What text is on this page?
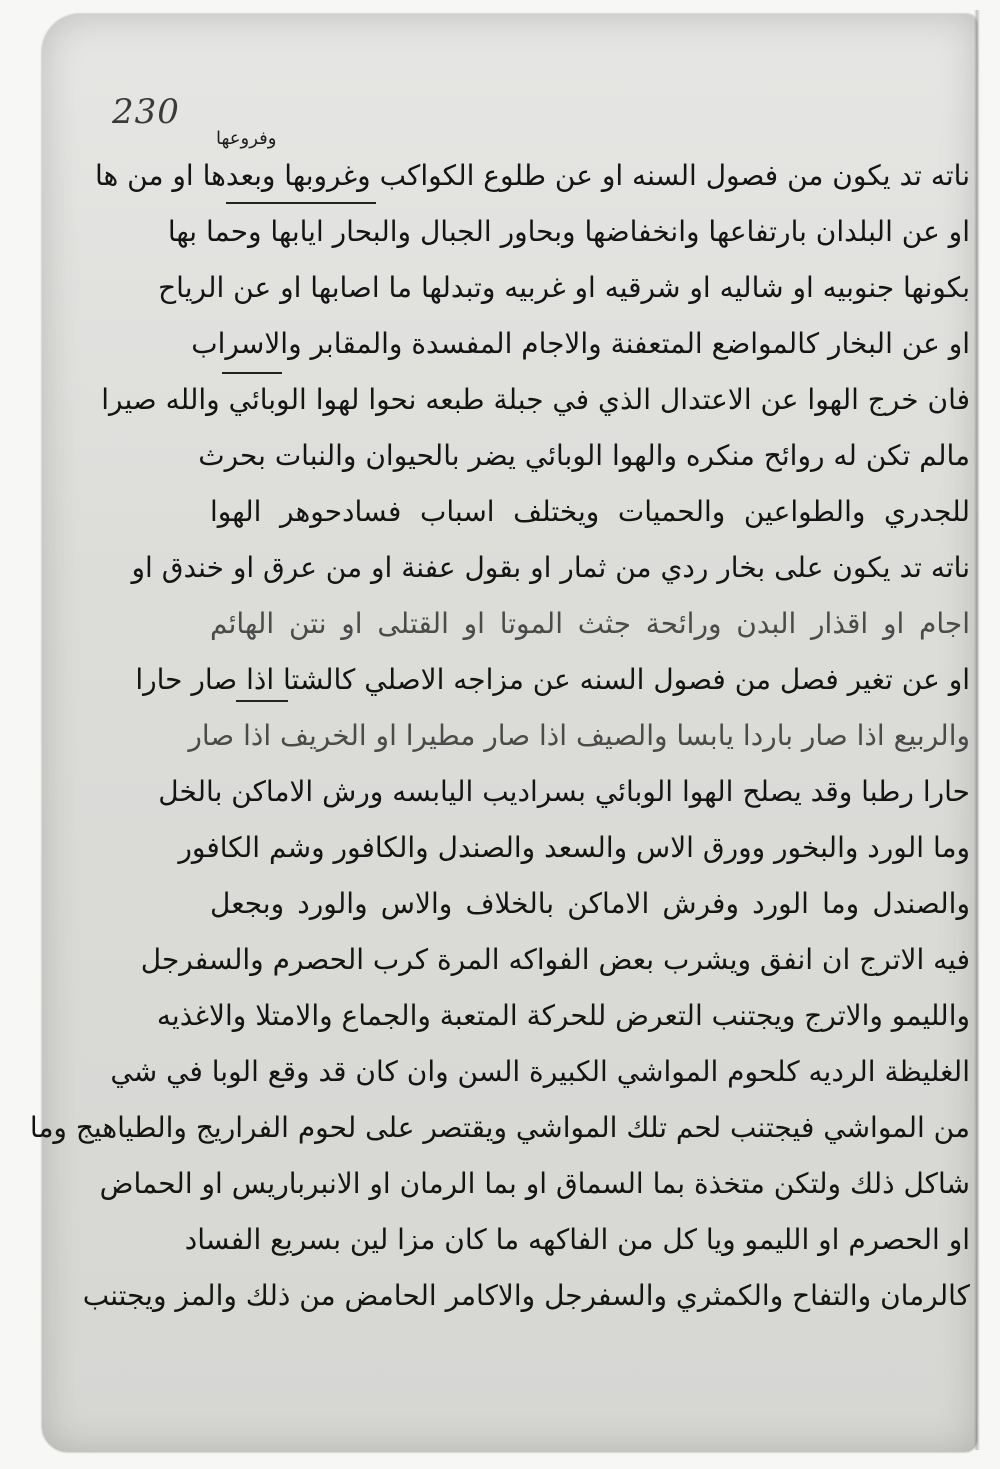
230
وفروعها
ناته تد يكون من فصول السنه او عن طلوع الكواكب وغروبها وبعدها او من ها
او عن البلدان بارتفاعها وانخفاضها وبحاور الجبال والبحار ايابها وحما بها
بكونها جنوبيه او شاليه او شرقيه او غربيه وتبدلها ما اصابها او عن الرياح
او عن البخار كالمواضع المتعفنة والاجام المفسدة والمقابر والاسراب
فان خرج الهوا عن الاعتدال الذي في جبلة طبعه نحوا لهوا الوبائي والله صيرا
مالم تكن له روائح منكره والهوا الوبائي يضر بالحيوان والنبات بحرث
للجدري والطواعين والحميات ويختلف اسباب فسادحوهر الهوا
ناته تد يكون على بخار ردي من ثمار او بقول عفنة او من عرق او خندق او
اجام او اقذار البدن ورائحة جثث الموتا او القتلى او نتن الهائم
او عن تغير فصل من فصول السنه عن مزاجه الاصلي كالشتا اذا صار حارا
والربيع اذا صار باردا يابسا والصيف اذا صار مطيرا او الخريف اذا صار
حارا رطبا وقد يصلح الهوا الوبائي بسراديب اليابسه ورش الاماكن بالخل
وما الورد والبخور وورق الاس والسعد والصندل والكافور وشم الكافور
والصندل وما الورد وفرش الاماكن بالخلاف والاس والورد وبجعل
فيه الاترج ان انفق ويشرب بعض الفواكه المرة كرب الحصرم والسفرجل
والليمو والاترج ويجتنب التعرض للحركة المتعبة والجماع والامتلا والاغذيه
الغليظة الرديه كلحوم المواشي الكبيرة السن وان كان قد وقع الوبا في شي
من المواشي فيجتنب لحم تلك المواشي ويقتصر على لحوم الفراريج والطياهيج وما
شاكل ذلك ولتكن متخذة بما السماق او بما الرمان او الانبرباريس او الحماض
او الحصرم او الليمو ويا كل من الفاكهه ما كان مزا لين بسريع الفساد
كالرمان والتفاح والكمثري والسفرجل والاكامر الحامض من ذلك والمز ويجتنب
